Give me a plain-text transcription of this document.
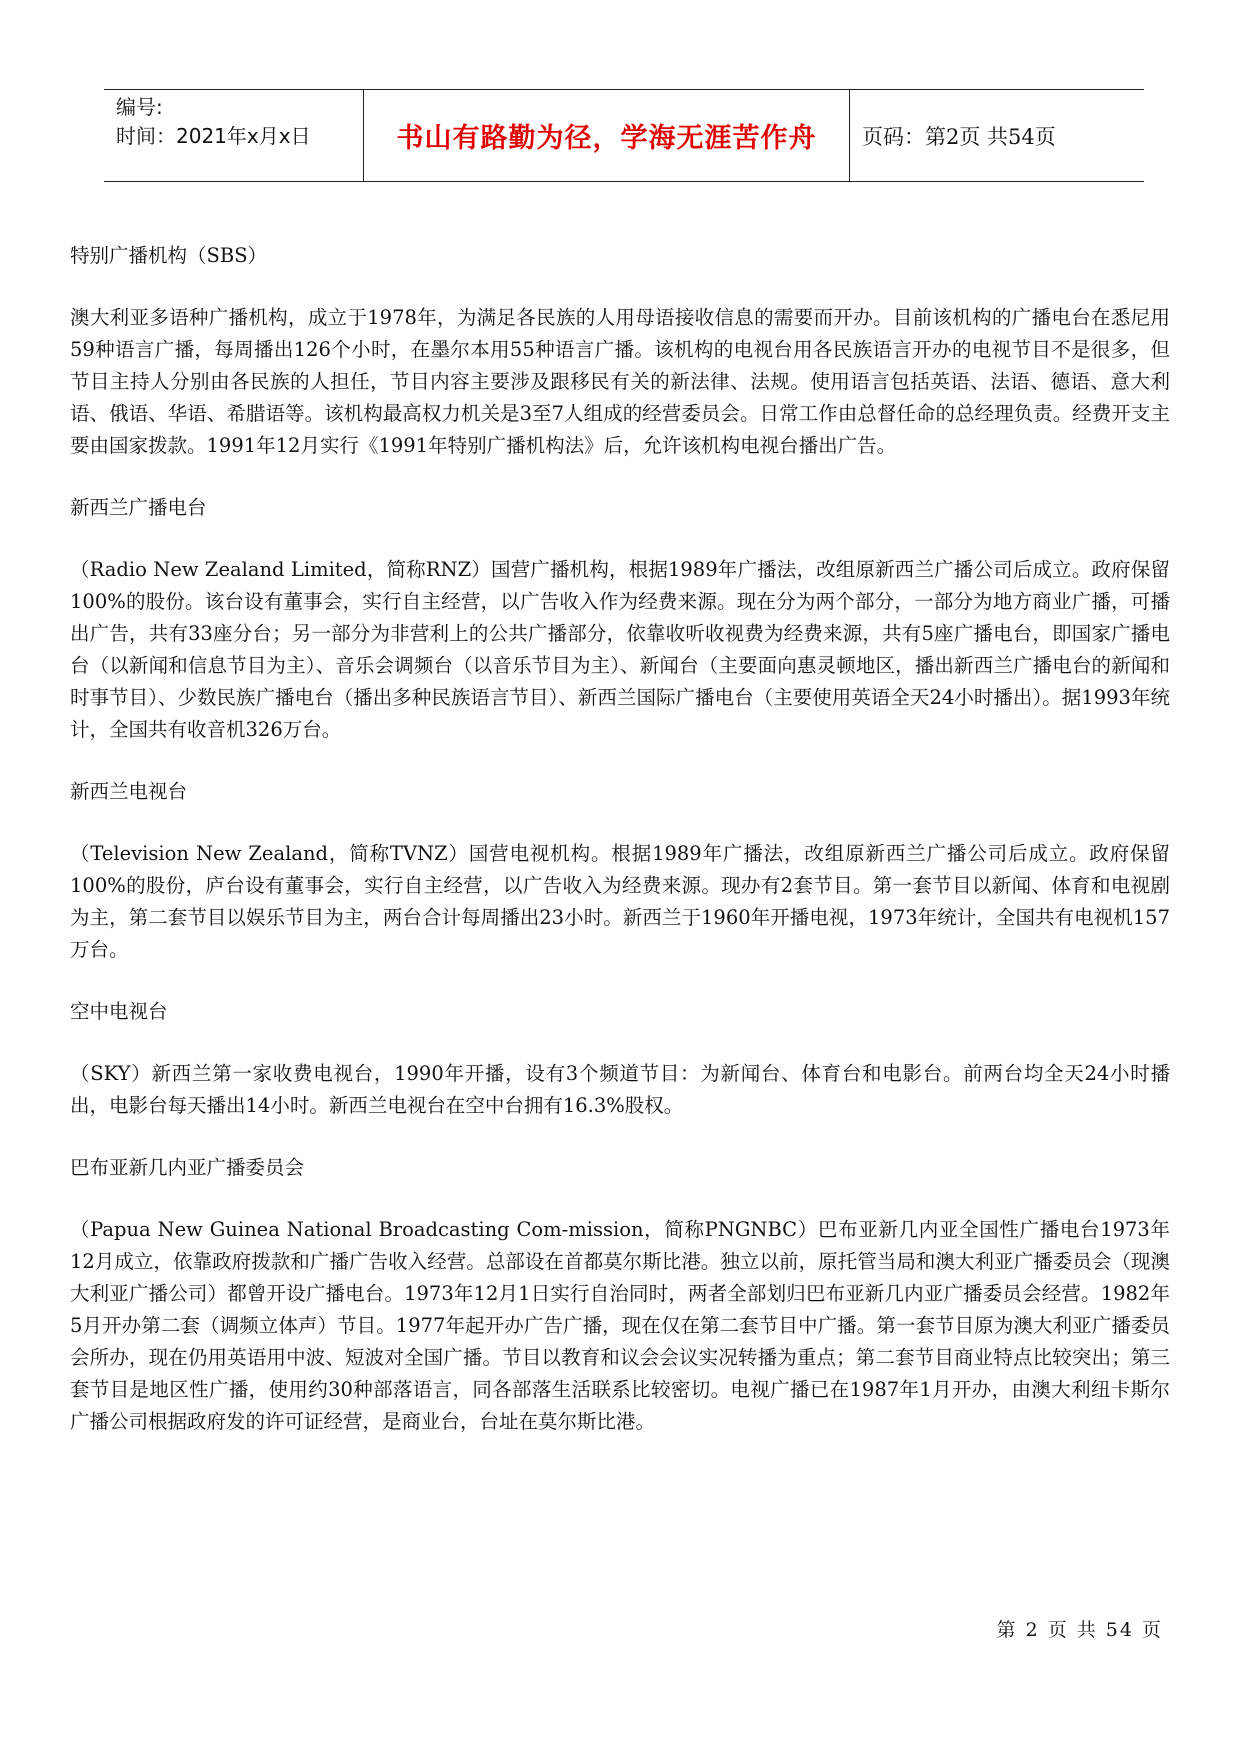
编号:
时间：2021年x月x日	书山有路勤为径，学海无涯苦作舟 页码：第2页 共54页
特别广播机构（SBS）
澳大利亚多语种广播机构，成立于1978年，为满足各民族的人用母语接收信息的需要而开办。目前该机构的广播电台在悉尼用59种语言广播，每周播出126个小时，在墨尔本用55种语言广播。该机构的电视台用各民族语言开办的电视节目不是很多，但节目主持人分别由各民族的人担任，节目内容主要涉及跟移民有关的新法律、法规。使用语言包括英语、法语、德语、意大利语、俄语、华语、希腊语等。该机构最高权力机关是3至7人组成的经营委员会。日常工作由总督任命的总经理负责。经费开支主要由国家拨款。1991年12月实行《1991年特别广播机构法》后，允许该机构电视台播出广告。
新西兰广播电台
（Radio New Zealand Limited，简称RNZ）国营广播机构，根据1989年广播法，改组原新西兰广播公司后成立。政府保留100%的股份。该台设有董事会，实行自主经营，以广告收入作为经费来源。现在分为两个部分，一部分为地方商业广播，可播出广告，共有33座分台；另一部分为非营利上的公共广播部分，依靠收听收视费为经费来源，共有5座广播电台，即国家广播电台（以新闻和信息节目为主）、音乐会调频台（以音乐节目为主）、新闻台（主要面向惠灵顿地区，播出新西兰广播电台的新闻和时事节目）、少数民族广播电台（播出多种民族语言节目）、新西兰国际广播电台（主要使用英语全天24小时播出）。据1993年统计，全国共有收音机326万台。
新西兰电视台
（Television New Zealand，简称TVNZ）国营电视机构。根据1989年广播法，改组原新西兰广播公司后成立。政府保留100%的股份，庐台设有董事会，实行自主经营，以广告收入为经费来源。现办有2套节目。第一套节目以新闻、体育和电视剧为主，第二套节目以娱乐节目为主，两台合计每周播出23小时。新西兰于1960年开播电视，1973年统计，全国共有电视机157万台。
空中电视台
（SKY）新西兰第一家收费电视台，1990年开播，设有3个频道节目：为新闻台、体育台和电影台。前两台均全天24小时播出，电影台每天播出14小时。新西兰电视台在空中台拥有16.3%股权。
巴布亚新几内亚广播委员会
（Papua New Guinea National Broadcasting Com-mission，简称PNGNBC）巴布亚新几内亚全国性广播电台1973年12月成立，依靠政府拨款和广播广告收入经营。总部设在首都莫尔斯比港。独立以前，原托管当局和澳大利亚广播委员会（现澳大利亚广播公司）都曾开设广播电台。1973年12月1日实行自治同时，两者全部划归巴布亚新几内亚广播委员会经营。1982年5月开办第二套（调频立体声）节目。1977年起开办广告广播，现在仅在第二套节目中广播。第一套节目原为澳大利亚广播委员会所办，现在仍用英语用中波、短波对全国广播。节目以教育和议会会议实况转播为重点；第二套节目商业特点比较突出；第三套节目是地区性广播，使用约30种部落语言，同各部落生活联系比较密切。电视广播已在1987年1月开办，由澳大利纽卡斯尔广播公司根据政府发的许可证经营，是商业台，台址在莫尔斯比港。
第 2 页 共 54 页
